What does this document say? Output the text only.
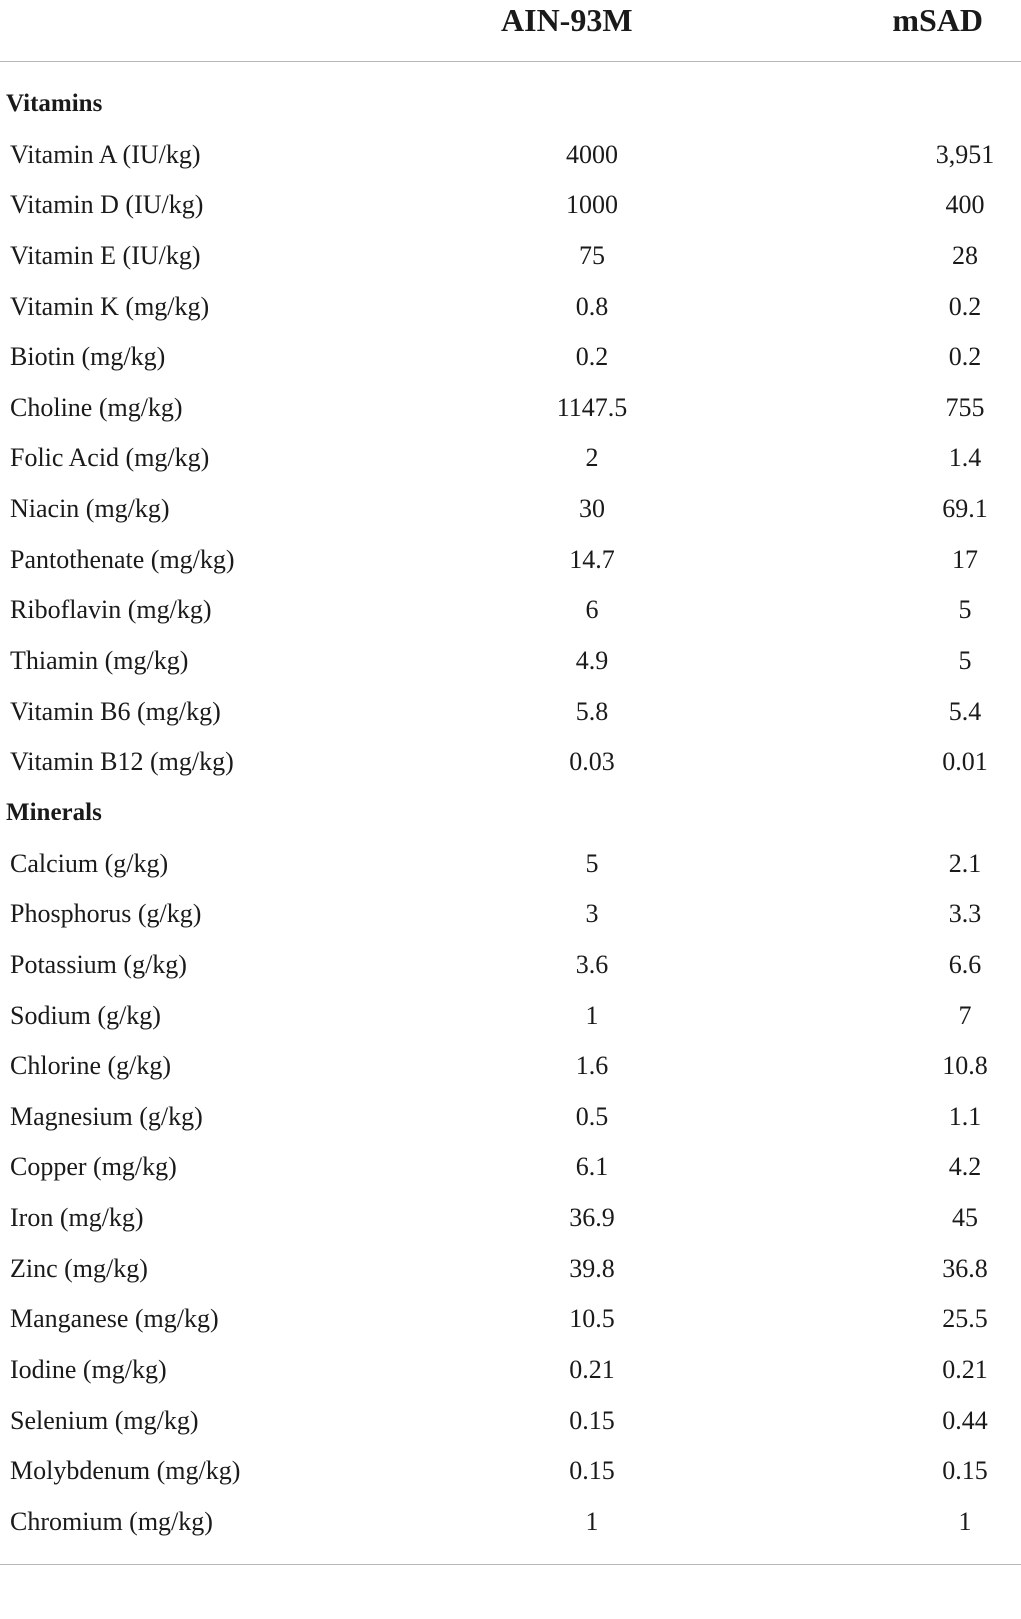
AIN-93M	mSAD
Vitamins
Vitamin A (IU/kg)	4000	3,951
Vitamin D (IU/kg)	1000	400
Vitamin E (IU/kg)	75	28
Vitamin K (mg/kg)	0.8	0.2
Biotin (mg/kg)	0.2	0.2
Choline (mg/kg)	1147.5	755
Folic Acid (mg/kg)	2	1.4
Niacin (mg/kg)	30	69.1
Pantothenate (mg/kg)	14.7	17
Riboflavin (mg/kg)	6	5
Thiamin (mg/kg)	4.9	5
Vitamin B6 (mg/kg)	5.8	5.4
Vitamin B12 (mg/kg)	0.03	0.01
Minerals
Calcium (g/kg)	5	2.1
Phosphorus (g/kg)	3	3.3
Potassium (g/kg)	3.6	6.6
Sodium (g/kg)	1	7
Chlorine (g/kg)	1.6	10.8
Magnesium (g/kg)	0.5	1.1
Copper (mg/kg)	6.1	4.2
Iron (mg/kg)	36.9	45
Zinc (mg/kg)	39.8	36.8
Manganese (mg/kg)	10.5	25.5
Iodine (mg/kg)	0.21	0.21
Selenium (mg/kg)	0.15	0.44
Molybdenum (mg/kg)	0.15	0.15
Chromium (mg/kg)	1	1
